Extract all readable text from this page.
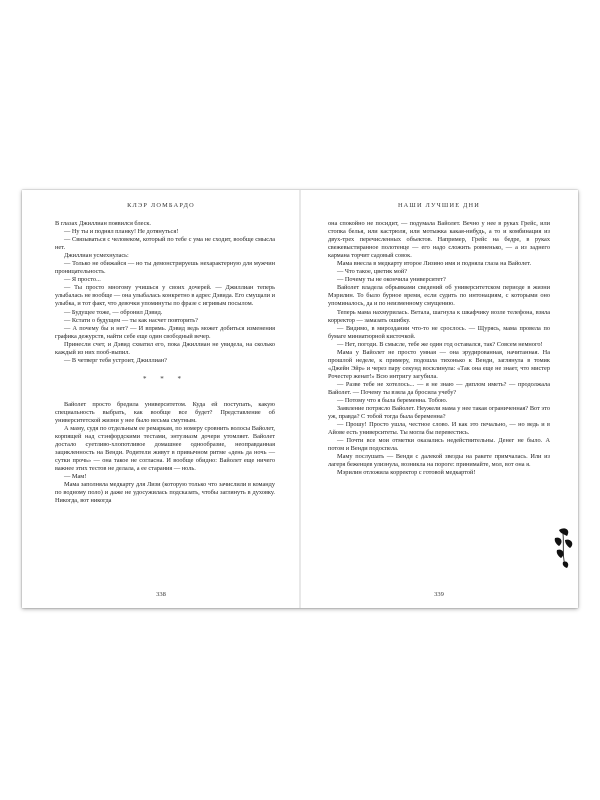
КЛЭР ЛОМБАРДО

В глазах Джиллиан появился блеск.

— Ну ты и поднял планку! Не дотянуться!

— Связываться с человеком, который по тебе с ума не сходит, вообще смысла нет.

Джиллиан усмехнулась:

— Только не обижайся — но ты демонстрируешь нехарактерную для мужчин проницательность.

— Я просто...

— Ты просто многому учишься у своих дочерей. — Джиллиан теперь улыбалась не вообще — она улыбалась конкретно в адрес Дэвида. Его смущали и улыбка, и тот факт, что девочки упоминуты по фразе с игривым посылом.

— Будущее тоже, — обронил Дэвид.

— Кстати о будущем — ты как насчет повторить?

— А почему бы и нет? — И впрямь. Дэвид ведь может добиться изменения графика дежурств, найти себе еще один свободный вечер.

Принесли счет, и Дэвид схватил его, пока Джиллиан не увидела, на сколько каждый из них пооб-выпил.

— В четверг тебя устроит, Джиллиан?

* * *

Вайолет просто бредила университетом. Куда ей поступать, какую специальность выбрать, как вообще все будет? Представление об университетской жизни у нее было весьма смутным.

А маму, судя по отдельным ее ремаркам, по номеру сровнить волосы Вайолет, корпящей над стэнфордскими тестами, энтузиазм дочери утомляет. Вайолет достало суетливо-хлопотливое домашнее однообразие, неоправданная зацикленность на Венди. Родители живут в привычном ритме «день да ночь — сутки прочь» — она такое не согласна. И вообще обидно: Вайолет еще ничего важнее этих тестов не делала, а ее старания — ноль.

— Мам!

Мама заполняла медкарту для Лизи (которую только что зачислили в команду по водному поло) и даже не удосужилась подсказать, чтобы заглянуть в духовку. Никогда, вот никогда

338
НАШИ ЛУЧШИЕ ДНИ

она спокойно не посидит, — подумала Вайолет. Вечно у нее в руках Грейс, или стопка белья, или кастрюля, или мотыжка какая-нибудь, а то и комбинация из двух-трех перечисленных объектов. Например, Грейс на бедре, в руках свежевыстиранное полотенце — его надо сложить ровненько, — а из заднего кармана торчит садовый совок.

Мама внесла в медкарту второе Лизино имя и подняла глаза на Вайолет.

— Что такое, цветик мой?

— Почему ты не окончила университет?

Вайолет владела обрывками сведений об университетском периоде в жизни Мэрилин. То было бурное время, если судить по интонациям, с которыми оно упоминалось, да и по неизменному смущению.

Теперь мама нахмурилась. Ветала, шагнула к шкафчику возле телефона, взяла корректор — замазать ошибку.

— Видимо, в мироздании что-то не срослось. — Щурясь, мама провела по бумаге миниатюрной кисточкой.

— Нет, погоди. В смысле, тебе же один год оставался, так? Совсем немного!

Мама у Вайолет не просто умная — она эрудированная, начитанная. На прошлой неделе, к примеру, подошла тихонько к Венди, заглянула в томик «Джейн Эйр» и через пару секунд восклинула: «Так она еще не знает, что мистер Рочестер женат!» Всю интригу загубила.

— Разве тебе не хотелось... — я не знаю — диплом иметь? — продолжала Вайолет. — Почему ты взяла да бросила учебу?

— Потому что я была беременна. Тобою.

Заявление потрясло Вайолет. Неужели мама у нее такая ограниченная? Вот это уж, правда? С тобой тогда была беременна?

— Прошу! Просто ушла, честное слово. И как это печально, — но ведь и в Айове есть университеты. Ты могла бы перевестись.

— Почти все мои отметки оказались недействительны. Денег не было. А потом и Венди подоспела.

Маму послушать — Венди с далекой звезды на ракете примчалась. Или из лагеря беженцев улизнула, возникла на пороге: принимайте, мол, вот она я.

Мэрилин отложила корректор с готовой медкартой!

339
